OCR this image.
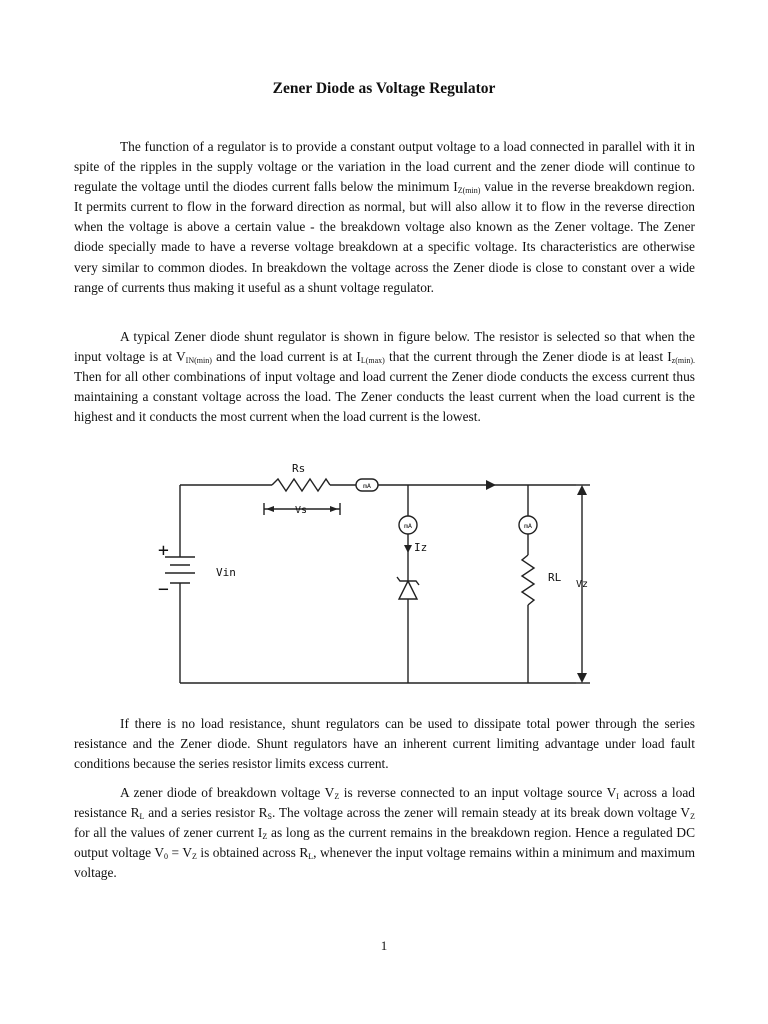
Zener Diode as Voltage Regulator

The function of a regulator is to provide a constant output voltage to a load connected in parallel with it in spite of the ripples in the supply voltage or the variation in the load current and the zener diode will continue to regulate the voltage until the diodes current falls below the minimum $I_{Z(min)}$ value in the reverse breakdown region. It permits current to flow in the forward direction as normal, but will also allow it to flow in the reverse direction when the voltage is above a certain value - the breakdown voltage also known as the Zener voltage. The Zener diode specially made to have a reverse voltage breakdown at a specific voltage. Its characteristics are otherwise very similar to common diodes. In breakdown the voltage across the Zener diode is close to constant over a wide range of currents thus making it useful as a shunt voltage regulator.

A typical Zener diode shunt regulator is shown in figure below. The resistor is selected so that when the input voltage is at $V_{IN(min)}$ and the load current is at $I_{L(max)}$ that the current through the Zener diode is at least $I_{z(min).}$ Then for all other combinations of input voltage and load current the Zener diode conducts the excess current thus maintaining a constant voltage across the load. The Zener conducts the least current when the load current is the highest and it conducts the most current when the load current is the lowest.

Rs
Vs
mA
mA	mA
Iz
+
−
Vin	RL
Vz

If there is no load resistance, shunt regulators can be used to dissipate total power through the series resistance and the Zener diode. Shunt regulators have an inherent current limiting advantage under load fault conditions because the series resistor limits excess current.

A zener diode of breakdown voltage $V_Z$ is reverse connected to an input voltage source $V_I$ across a load resistance $R_L$ and a series resistor $R_S$. The voltage across the zener will remain steady at its break down voltage $V_Z$ for all the values of zener current $I_Z$ as long as the current remains in the breakdown region. Hence a regulated DC output voltage $V_0 = V_Z$ is obtained across $R_L$, whenever the input voltage remains within a minimum and maximum voltage.

1
